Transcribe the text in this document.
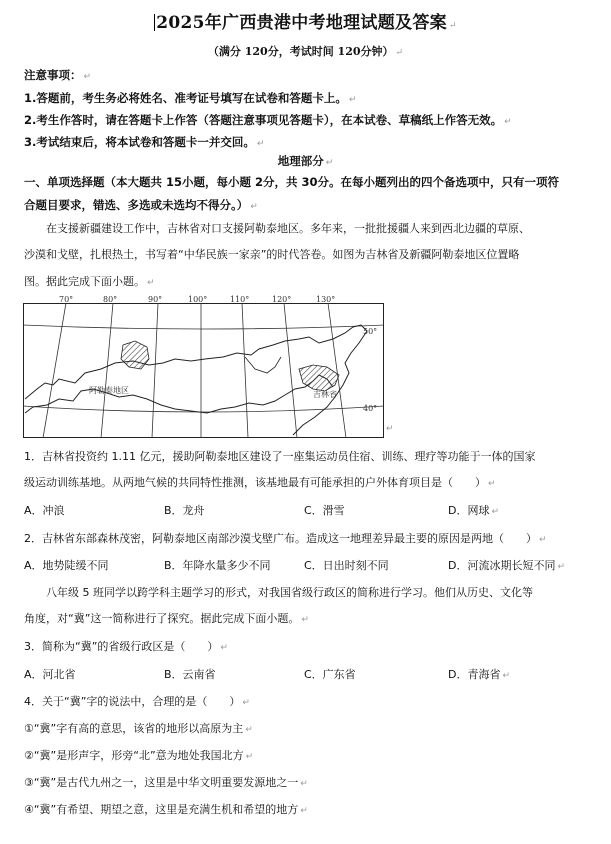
2025年广西贵港中考地理试题及答案 ↵
（满分 120分，考试时间 120分钟） ↵
注意事项： ↵
1.答题前，考生务必将姓名、准考证号填写在试卷和答题卡上。 ↵
2.考生作答时，请在答题卡上作答（答题注意事项见答题卡），在本试卷、草稿纸上作答无效。 ↵
3.考试结束后，将本试卷和答题卡一并交回。 ↵
地理部分 ↵
一、单项选择题（本大题共 15小题，每小题 2分，共 30分。在每小题列出的四个备选项中，只有一项符
合题目要求，错选、多选或未选均不得分。） ↵
在支援新疆建设工作中，吉林省对口支援阿勒泰地区。多年来，一批批援疆人来到西北边疆的草原、
沙漠和戈壁，扎根热土，书写着“中华民族一家亲”的时代答卷。如图为吉林省及新疆阿勒泰地区位置略
图。据此完成下面小题。 ↵
70°	80°	90°	100°	110°	120°	130°
50°
40°
阿勒泰地区	吉林省
↵
1．吉林省投资约 1.11 亿元，援助阿勒泰地区建设了一座集运动员住宿、训练、理疗等功能于一体的国家
级运动训练基地。从两地气候的共同特性推测，该基地最有可能承担的户外体育项目是（　　） ↵
A．冲浪	B．龙舟	C．滑雪	D．网球 ↵
2．吉林省东部森林茂密，阿勒泰地区南部沙漠戈壁广布。造成这一地理差异最主要的原因是两地（　　） ↵
A．地势陡缓不同	B．年降水量多少不同	C．日出时刻不同	D．河流冰期长短不同 ↵
八年级 5 班同学以跨学科主题学习的形式，对我国省级行政区的简称进行学习。他们从历史、文化等
角度，对“冀”这一简称进行了探究。据此完成下面小题。 ↵
3．简称为“冀”的省级行政区是（　　） ↵
A．河北省	B．云南省	C．广东省	D．青海省 ↵
4．关于“冀”字的说法中，合理的是（　　） ↵
①“冀”字有高的意思，该省的地形以高原为主 ↵
②“冀”是形声字，形旁“北”意为地处我国北方 ↵
③“冀”是古代九州之一，这里是中华文明重要发源地之一 ↵
④“冀”有希望、期望之意，这里是充满生机和希望的地方 ↵
